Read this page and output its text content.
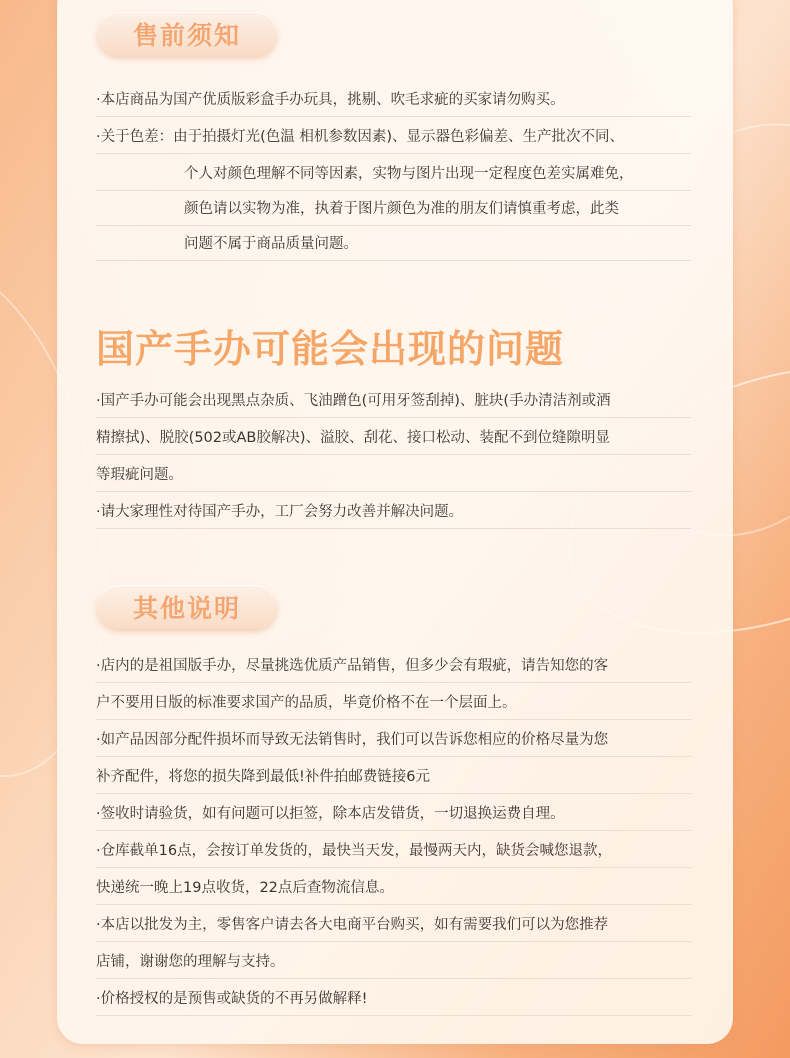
售前须知
·本店商品为国产优质版彩盒手办玩具，挑剔、吹毛求疵的买家请勿购买。
·关于色差：由于拍摄灯光(色温 相机参数因素)、显示器色彩偏差、生产批次不同、
个人对颜色理解不同等因素，实物与图片出现一定程度色差实属难免，
颜色请以实物为准，执着于图片颜色为准的朋友们请慎重考虑，此类
问题不属于商品质量问题。
国产手办可能会出现的问题
·国产手办可能会出现黑点杂质、飞油蹭色(可用牙签刮掉)、脏块(手办清洁剂或酒
精擦拭)、脱胶(502或AB胶解决)、溢胶、刮花、接口松动、装配不到位缝隙明显
等瑕疵问题。
·请大家理性对待国产手办，工厂会努力改善并解决问题。
其他说明
·店内的是祖国版手办，尽量挑选优质产品销售，但多少会有瑕疵，请告知您的客
户不要用日版的标准要求国产的品质，毕竟价格不在一个层面上。
·如产品因部分配件损坏而导致无法销售时，我们可以告诉您相应的价格尽量为您
补齐配件，将您的损失降到最低!补件拍邮费链接6元
·签收时请验货，如有问题可以拒签，除本店发错货，一切退换运费自理。
·仓库截单16点，会按订单发货的，最快当天发，最慢两天内，缺货会喊您退款，
快递统一晚上19点收货，22点后查物流信息。
·本店以批发为主，零售客户请去各大电商平台购买，如有需要我们可以为您推荐
店铺，谢谢您的理解与支持。
·价格授权的是预售或缺货的不再另做解释!
